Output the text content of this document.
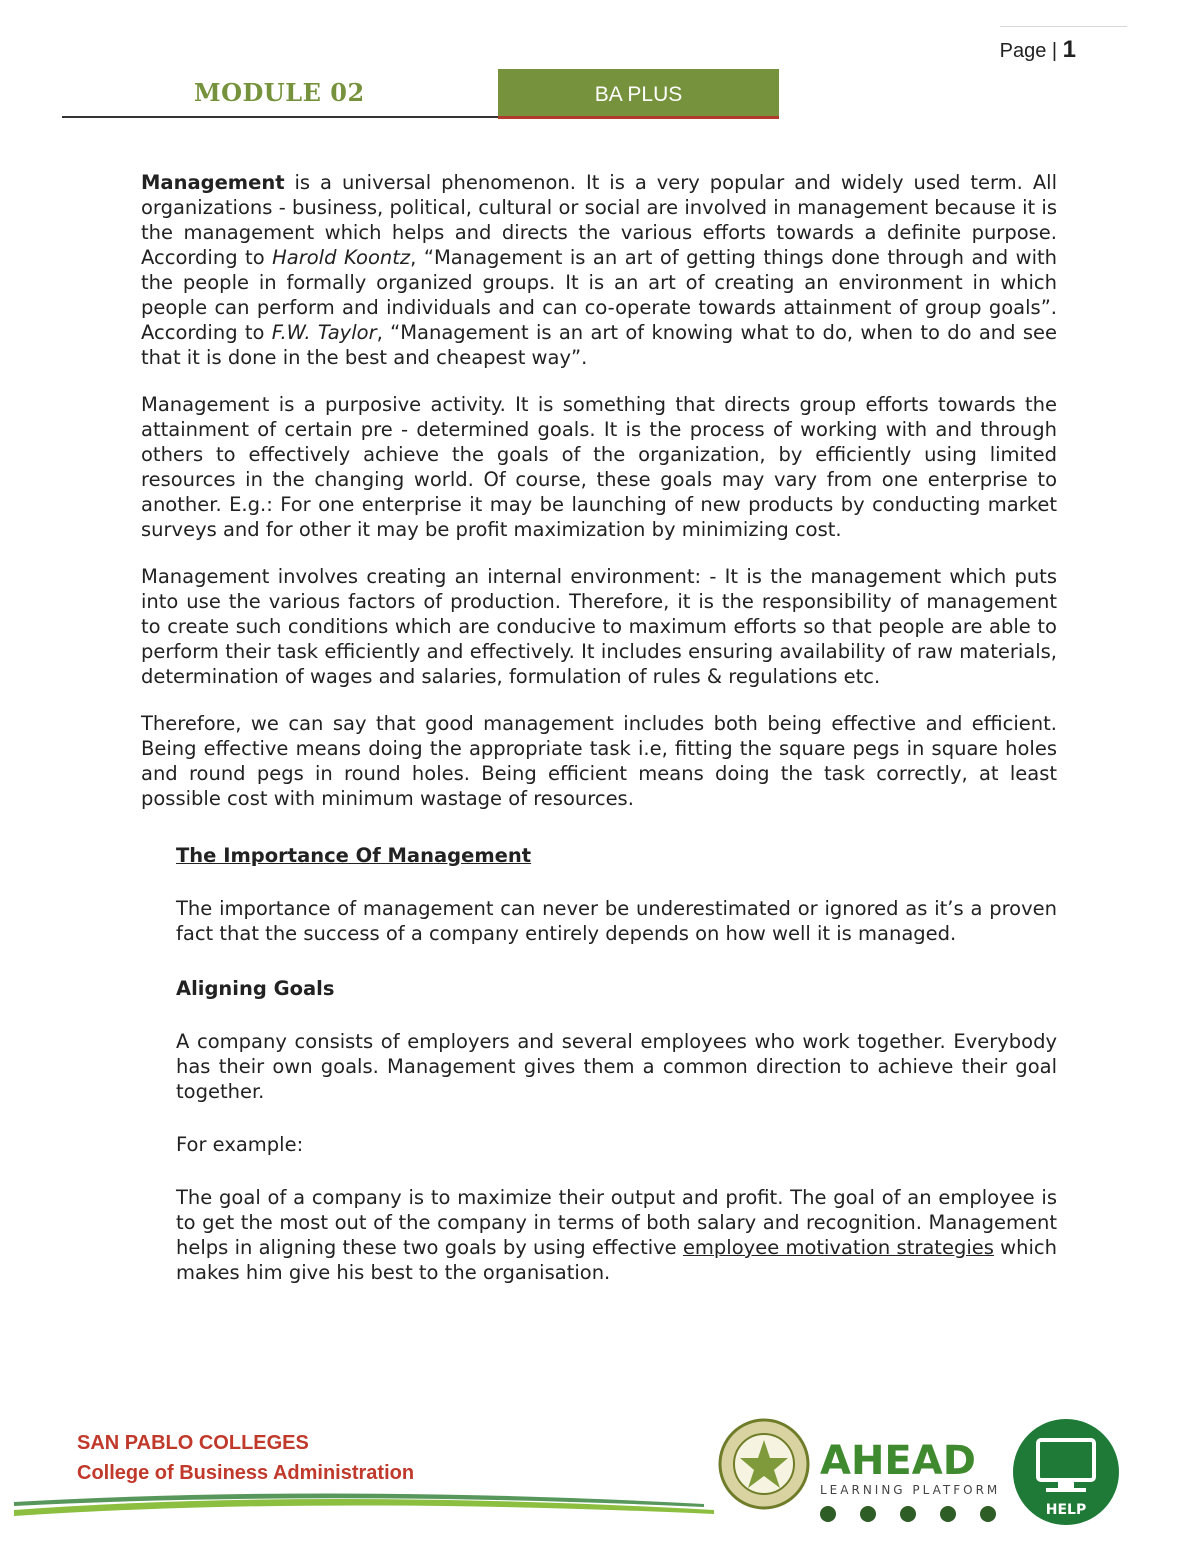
Page | 1
MODULE 02	BA PLUS

Management is a universal phenomenon. It is a very popular and widely used term. All organizations - business, political, cultural or social are involved in management because it is the management which helps and directs the various efforts towards a definite purpose. According to Harold Koontz, “Management is an art of getting things done through and with the people in formally organized groups. It is an art of creating an environment in which people can perform and individuals and can co-operate towards attainment of group goals”. According to F.W. Taylor, “Management is an art of knowing what to do, when to do and see that it is done in the best and cheapest way”.

Management is a purposive activity. It is something that directs group efforts towards the attainment of certain pre - determined goals. It is the process of working with and through others to effectively achieve the goals of the organization, by efficiently using limited resources in the changing world. Of course, these goals may vary from one enterprise to another. E.g.: For one enterprise it may be launching of new products by conducting market surveys and for other it may be profit maximization by minimizing cost.

Management involves creating an internal environment: - It is the management which puts into use the various factors of production. Therefore, it is the responsibility of management to create such conditions which are conducive to maximum efforts so that people are able to perform their task efficiently and effectively. It includes ensuring availability of raw materials, determination of wages and salaries, formulation of rules & regulations etc.

Therefore, we can say that good management includes both being effective and efficient. Being effective means doing the appropriate task i.e, fitting the square pegs in square holes and round pegs in round holes. Being efficient means doing the task correctly, at least possible cost with minimum wastage of resources.

The Importance Of Management

The importance of management can never be underestimated or ignored as it’s a proven fact that the success of a company entirely depends on how well it is managed.

Aligning Goals

A company consists of employers and several employees who work together. Everybody has their own goals. Management gives them a common direction to achieve their goal together.

For example:

The goal of a company is to maximize their output and profit. The goal of an employee is to get the most out of the company in terms of both salary and recognition. Management helps in aligning these two goals by using effective employee motivation strategies which makes him give his best to the organisation.

SAN PABLO COLLEGES
College of Business Administration	AHEAD
LEARNING PLATFORM
HELP
